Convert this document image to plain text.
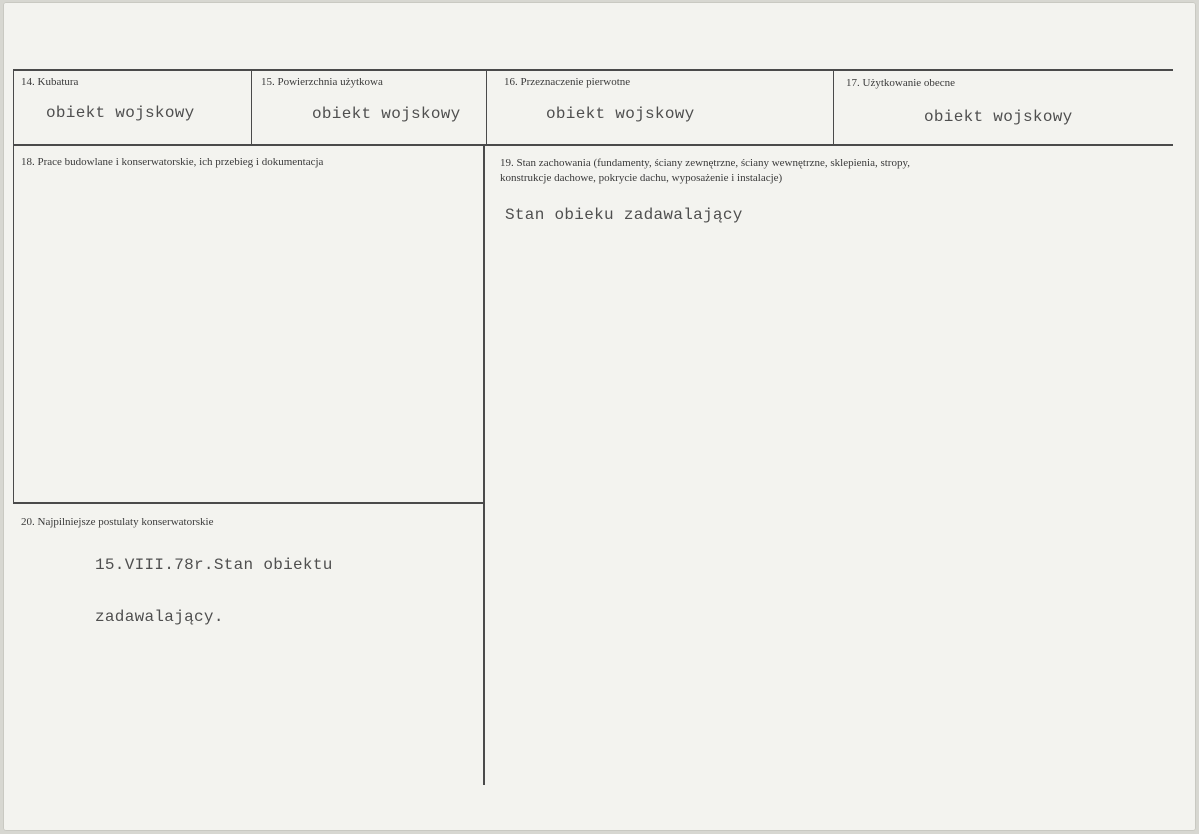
14. Kubatura
obiekt wojskowy
15. Powierzchnia użytkowa
obiekt wojskowy
16. Przeznaczenie pierwotne
obiekt wojskowy
17. Użytkowanie obecne
obiekt wojskowy
18. Prace budowlane i konserwatorskie, ich przebieg i dokumentacja	19. Stan zachowania (fundamenty, ściany zewnętrzne, ściany wewnętrzne, sklepienia, stropy,
konstrukcje dachowe, pokrycie dachu, wyposażenie i instalacje)
Stan obieku zadawalający
20. Najpilniejsze postulaty konserwatorskie
15.VIII.78r.Stan obiektu
zadawalający.
